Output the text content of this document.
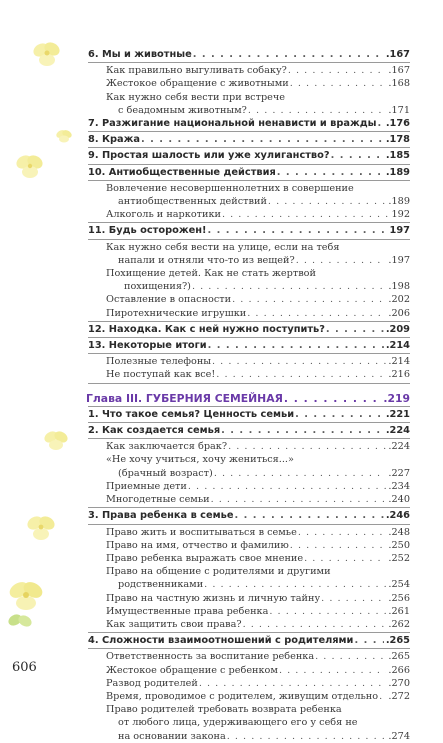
6. Мы и животные . . .	.167
Как правильно выгуливать собаку? . . .	.167
Жестокое обращение с животными . . .	.168
Как нужно себя вести при встрече
с беадомным животным? . . .	.171
7. Разжигание национальной ненависти и вражды . . . .176
8. Кража . . .	.178
9. Простая шалость или уже хулиганство? . . .	.185
10. Антиобщественные действия . . .	.189
Вовлечение несовершеннолетних в совершение
антиобщественных действий . . .	.189
Алкоголь и наркотики . . .	192
11. Будь осторожен! . . .	197
Как нужно себя вести на улице, если на тебя
напали и отняли что-то из вещей? . . .	.197
Похищение детей. Как не стать жертвой
похищения?) . . .	.198
Оставление в опасности . . .	.202
Пиротехнические игрушки . . .	.206
12. Находка. Как с ней нужно поступить? . . .	.209
13. Некоторые итоги . . .	.214
Полезные телефоны . . .	.214
Не поступай как все! . . .	.216
Глава III. ГУБЕРНИЯ СЕМЕЙНАЯ . . .	.219
1. Что такое семья? Ценность семьи . . .	.221
2. Как создается семья . . .	.224
Как заключается брак? . . .	.224
«Не хочу учиться, хочу жениться...»
(брачный возраст) . . .	.227
Приемные дети . . .	.234
Многодетные семьи . . .	.240
3. Права ребенка в семье . . .	.246
Право жить и воспитываться в семье . . .	.248
Право на имя, отчество и фамилию . . .	.250
Право ребенка выражать свое мнение . . .	.252
Право на общение с родителями и другими
родственниками . . .	.254
Право на частную жизнь и личную тайну . . .	.256
Имущественные права ребенка . . .	.261
Как защитить свои права? . . .	.262
4. Сложности взаимоотношений с родителями . . .	.265
Ответственность за воспитание ребенка . . .	.265
Жестокое обращение с ребенком . . .	.266
Развод родителей . . .	.270
Время, проводимое с родителем, живущим отдельно . . . .272
Право родителей требовать возврата ребенка
от любого лица, удерживающего его у себя не
на основании закона . . .	.274
606
